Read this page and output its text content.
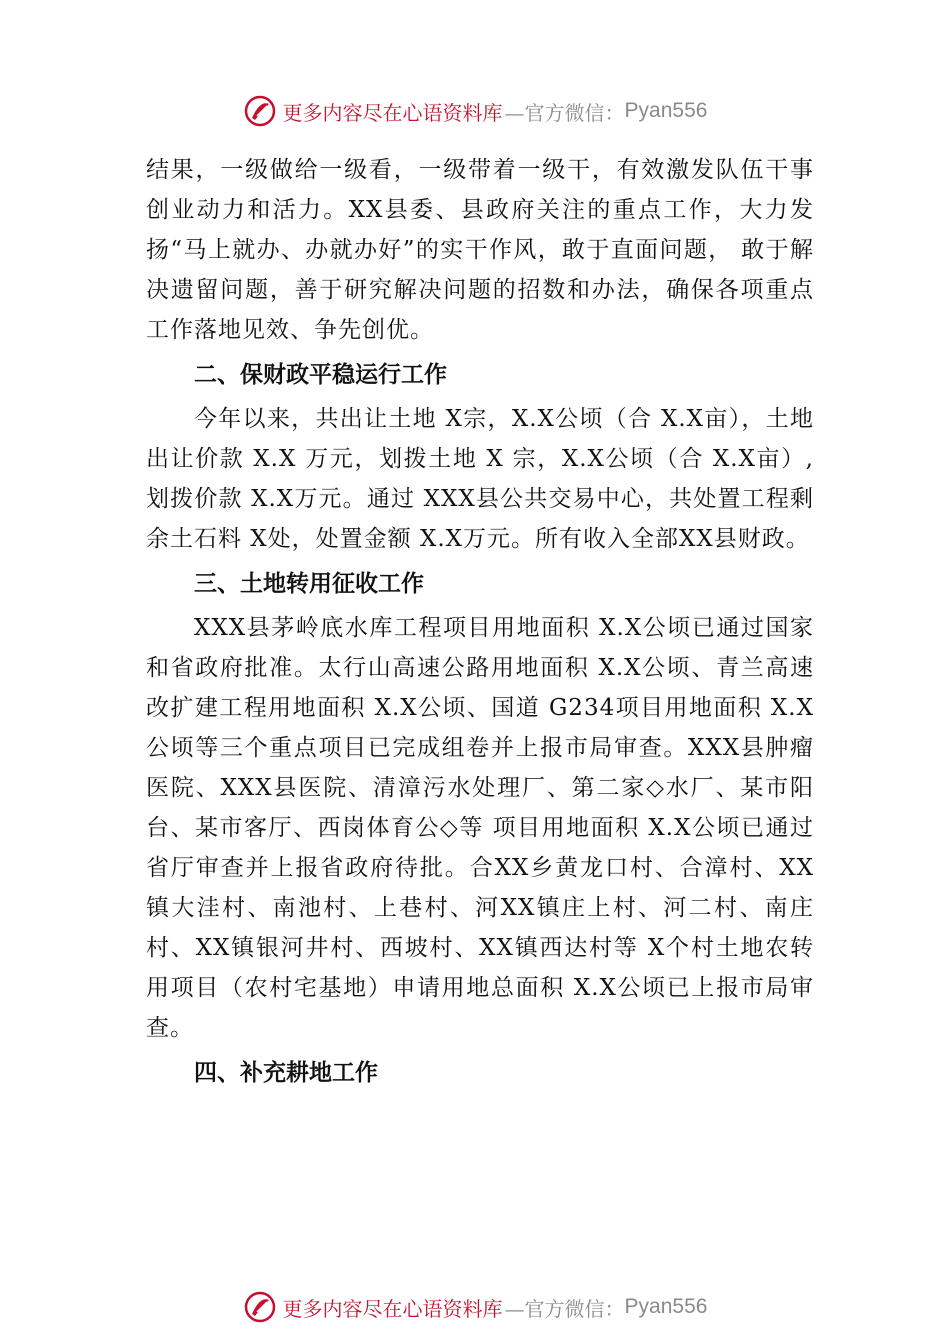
更多内容尽在心语资料库 —官方微信： Pyan556

结果，一级做给一级看，一级带着一级干，有效激发队伍干事创业动力和活力。XX县委、县政府关注的重点工作，大力发扬“马上就办、办就办好”的实干作风，敢于直面问题， 敢于解决遗留问题，善于研究解决问题的招数和办法，确保各项重点工作落地见效、争先创优。

二、保财政平稳运行工作

今年以来，共出让土地 X宗，X.X公顷（合 X.X亩），土地出让价款 X.X 万元，划拨土地 X 宗，X.X公顷（合 X.X亩）,划拨价款 X.X万元。通过 XXX县公共交易中心，共处置工程剩余土石料 X处，处置金额 X.X万元。所有收入全部XX县财政。

三、土地转用征收工作

XXX县茅岭底水库工程项目用地面积 X.X公顷已通过国家和省政府批准。太行山高速公路用地面积 X.X公顷、青兰高速改扩建工程用地面积 X.X公顷、国道 G234项目用地面积 X.X 公顷等三个重点项目已完成组卷并上报市局审查。XXX县肿瘤医院、XXX县医院、清漳污水处理厂、第二家◇水厂、某市阳台、某市客厅、西岗体育公◇等 项目用地面积 X.X公顷已通过省厅审查并上报省政府待批。合XX乡黄龙口村、合漳村、XX镇大洼村、南池村、上巷村、河XX镇庄上村、河二村、南庄村、XX镇银河井村、西坡村、XX镇西达村等 X个村土地农转用项目（农村宅基地）申请用地总面积 X.X公顷已上报市局审查。

四、补充耕地工作

更多内容尽在心语资料库 —官方微信： Pyan556
